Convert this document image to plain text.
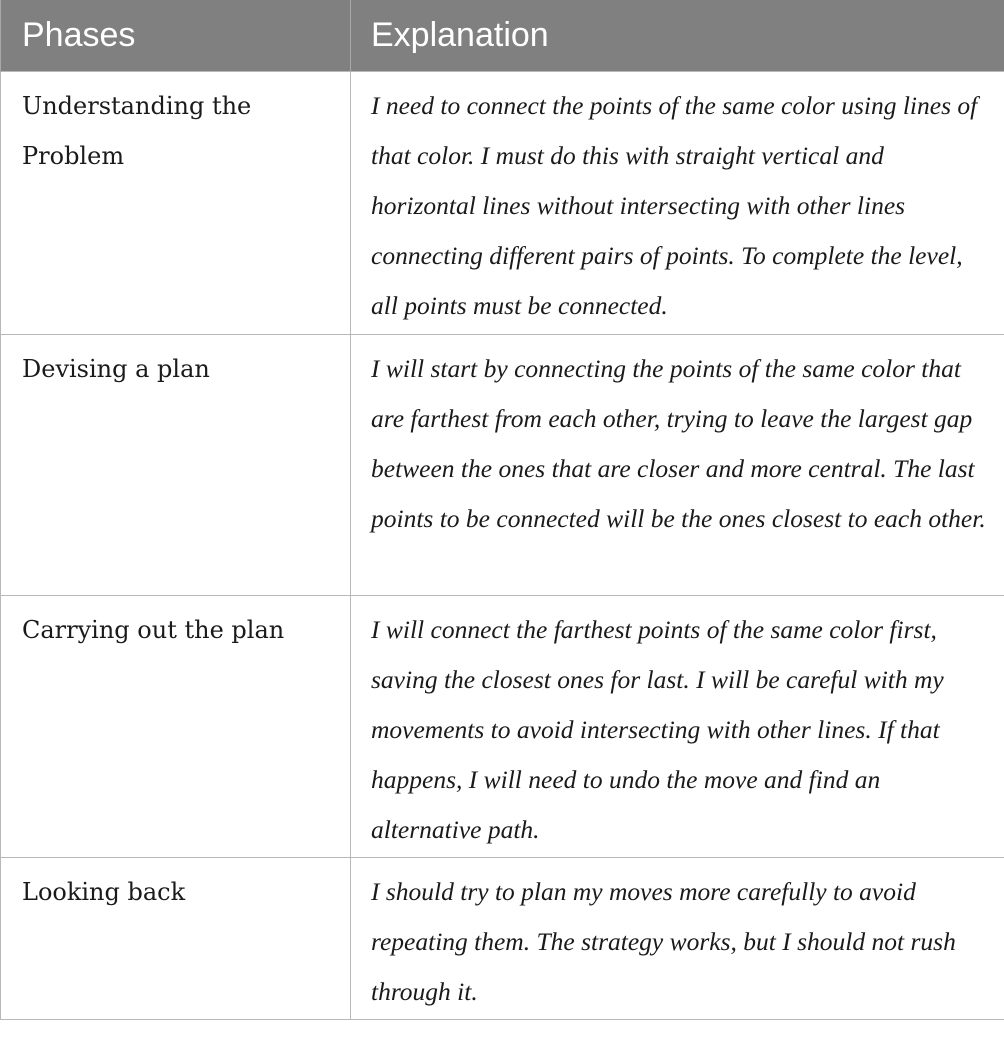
Phases	Explanation
Understanding the Problem	I need to connect the points of the same color using lines of that color. I must do this with straight vertical and horizontal lines without intersecting with other lines connecting different pairs of points. To complete the level, all points must be connected.
Devising a plan	I will start by connecting the points of the same color that are farthest from each other, trying to leave the largest gap between the ones that are closer and more central. The last points to be connected will be the ones closest to each other.
Carrying out the plan	I will connect the farthest points of the same color first, saving the closest ones for last. I will be careful with my movements to avoid intersecting with other lines. If that happens, I will need to undo the move and find an alternative path.
Looking back	I should try to plan my moves more carefully to avoid repeating them. The strategy works, but I should not rush through it.
